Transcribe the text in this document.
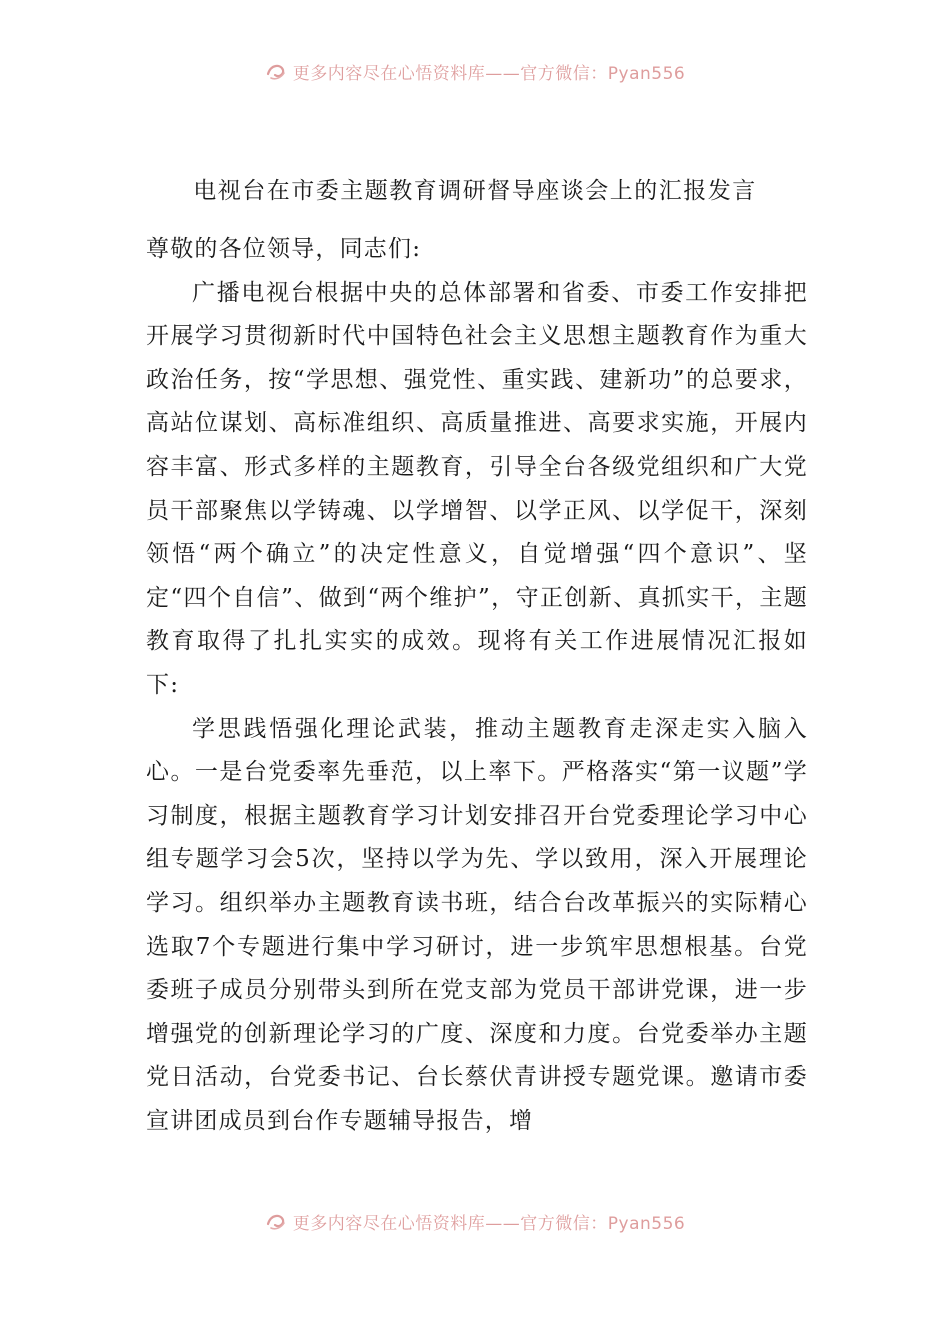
更多内容尽在心悟资料库——官方微信：Pyan556
电视台在市委主题教育调研督导座谈会上的汇报发言

尊敬的各位领导，同志们:

广播电视台根据中央的总体部署和省委、市委工作安排把开展学习贯彻新时代中国特色社会主义思想主题教育作为重大政治任务，按“学思想、强党性、重实践、建新功”的总要求，高站位谋划、高标准组织、高质量推进、高要求实施，开展内容丰富、形式多样的主题教育，引导全台各级党组织和广大党员干部聚焦以学铸魂、以学增智、以学正风、以学促干，深刻领悟“两个确立”的决定性意义，自觉增强“四个意识”、坚定“四个自信”、做到“两个维护”，守正创新、真抓实干，主题教育取得了扎扎实实的成效。现将有关工作进展情况汇报如下:

学思践悟强化理论武装，推动主题教育走深走实入脑入心。一是台党委率先垂范，以上率下。严格落实“第一议题”学习制度，根据主题教育学习计划安排召开台党委理论学习中心组专题学习会5次，坚持以学为先、学以致用，深入开展理论学习。组织举办主题教育读书班，结合台改革振兴的实际精心选取7个专题进行集中学习研讨，进一步筑牢思想根基。台党委班子成员分别带头到所在党支部为党员干部讲党课，进一步增强党的创新理论学习的广度、深度和力度。台党委举办主题党日活动，台党委书记、台长蔡伏青讲授专题党课。邀请市委宣讲团成员到台作专题辅导报告，增

更多内容尽在心悟资料库——官方微信：Pyan556
